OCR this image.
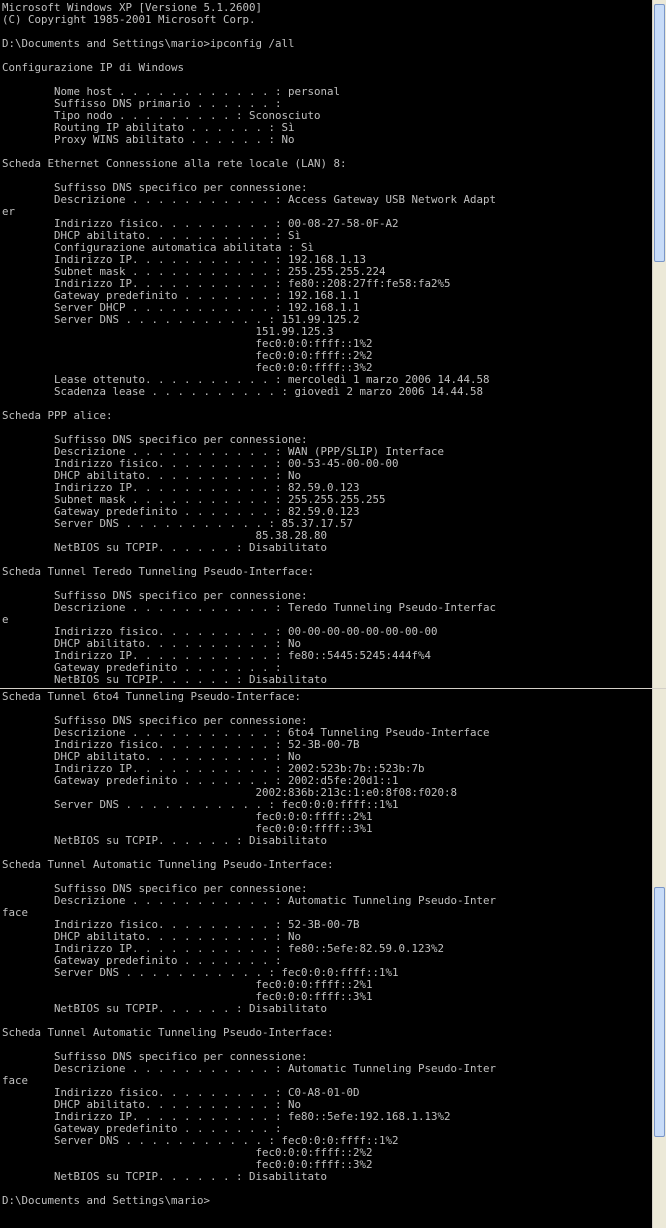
Microsoft Windows XP [Versione 5.1.2600]
(C) Copyright 1985-2001 Microsoft Corp.
D:\Documents and Settings\mario>ipconfig /all
Configurazione IP di Windows
Nome host . . . . . . . . . . . . : personal
Suffisso DNS primario . . . . . . :
Tipo nodo . . . . . . . . . : Sconosciuto
Routing IP abilitato . . . . . . : Sì
Proxy WINS abilitato . . . . . . : No
Scheda Ethernet Connessione alla rete locale (LAN) 8:
Suffisso DNS specifico per connessione:
Descrizione . . . . . . . . . . . : Access Gateway USB Network Adapt
er
Indirizzo fisico. . . . . . . . . : 00-08-27-58-0F-A2
DHCP abilitato. . . . . . . . . . : Sì
Configurazione automatica abilitata : Sì
Indirizzo IP. . . . . . . . . . . : 192.168.1.13
Subnet mask . . . . . . . . . . . : 255.255.255.224
Indirizzo IP. . . . . . . . . . . : fe80::208:27ff:fe58:fa2%5
Gateway predefinito . . . . . . . : 192.168.1.1
Server DHCP . . . . . . . . . . . : 192.168.1.1
Server DNS . . . . . . . . . . . : 151.99.125.2
151.99.125.3
fec0:0:0:ffff::1%2
fec0:0:0:ffff::2%2
fec0:0:0:ffff::3%2
Lease ottenuto. . . . . . . . . . : mercoledì 1 marzo 2006 14.44.58
Scadenza lease . . . . . . . . . . : giovedì 2 marzo 2006 14.44.58
Scheda PPP alice:
Suffisso DNS specifico per connessione:
Descrizione . . . . . . . . . . . : WAN (PPP/SLIP) Interface
Indirizzo fisico. . . . . . . . . : 00-53-45-00-00-00
DHCP abilitato. . . . . . . . . . : No
Indirizzo IP. . . . . . . . . . . : 82.59.0.123
Subnet mask . . . . . . . . . . . : 255.255.255.255
Gateway predefinito . . . . . . . : 82.59.0.123
Server DNS . . . . . . . . . . . : 85.37.17.57
85.38.28.80
NetBIOS su TCPIP. . . . . . : Disabilitato
Scheda Tunnel Teredo Tunneling Pseudo-Interface:
Suffisso DNS specifico per connessione:
Descrizione . . . . . . . . . . . : Teredo Tunneling Pseudo-Interfac
e
Indirizzo fisico. . . . . . . . . : 00-00-00-00-00-00-00-00
DHCP abilitato. . . . . . . . . . : No
Indirizzo IP. . . . . . . . . . . : fe80::5445:5245:444f%4
Gateway predefinito . . . . . . . :
NetBIOS su TCPIP. . . . . . : Disabilitato
Scheda Tunnel 6to4 Tunneling Pseudo-Interface:
Suffisso DNS specifico per connessione:
Descrizione . . . . . . . . . . . : 6to4 Tunneling Pseudo-Interface
Indirizzo fisico. . . . . . . . . : 52-3B-00-7B
DHCP abilitato. . . . . . . . . . : No
Indirizzo IP. . . . . . . . . . . : 2002:523b:7b::523b:7b
Gateway predefinito . . . . . . . : 2002:d5fe:20d1::1
2002:836b:213c:1:e0:8f08:f020:8
Server DNS . . . . . . . . . . . : fec0:0:0:ffff::1%1
fec0:0:0:ffff::2%1
fec0:0:0:ffff::3%1
NetBIOS su TCPIP. . . . . . : Disabilitato
Scheda Tunnel Automatic Tunneling Pseudo-Interface:
Suffisso DNS specifico per connessione:
Descrizione . . . . . . . . . . . : Automatic Tunneling Pseudo-Inter
face
Indirizzo fisico. . . . . . . . . : 52-3B-00-7B
DHCP abilitato. . . . . . . . . . : No
Indirizzo IP. . . . . . . . . . . : fe80::5efe:82.59.0.123%2
Gateway predefinito . . . . . . . :
Server DNS . . . . . . . . . . . : fec0:0:0:ffff::1%1
fec0:0:0:ffff::2%1
fec0:0:0:ffff::3%1
NetBIOS su TCPIP. . . . . . : Disabilitato
Scheda Tunnel Automatic Tunneling Pseudo-Interface:
Suffisso DNS specifico per connessione:
Descrizione . . . . . . . . . . . : Automatic Tunneling Pseudo-Inter
face
Indirizzo fisico. . . . . . . . . : C0-A8-01-0D
DHCP abilitato. . . . . . . . . . : No
Indirizzo IP. . . . . . . . . . . : fe80::5efe:192.168.1.13%2
Gateway predefinito . . . . . . . :
Server DNS . . . . . . . . . . . : fec0:0:0:ffff::1%2
fec0:0:0:ffff::2%2
fec0:0:0:ffff::3%2
NetBIOS su TCPIP. . . . . . : Disabilitato
D:\Documents and Settings\mario>
